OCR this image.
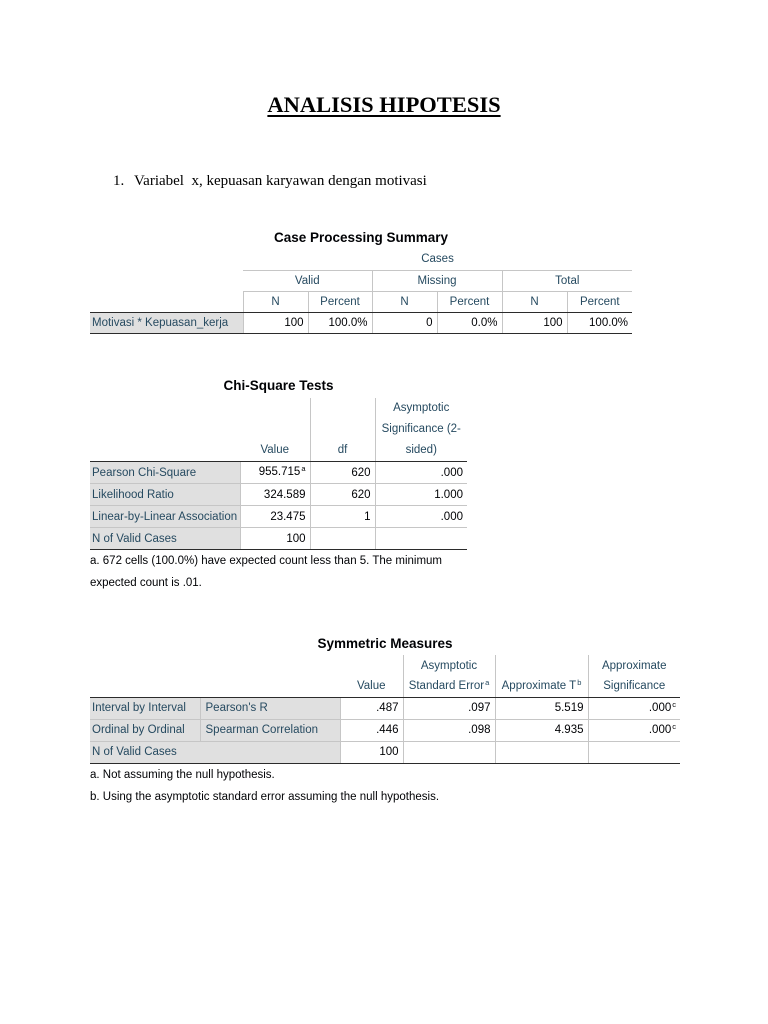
ANALISIS HIPOTESIS

1.

Variabel  x, kepuasan karyawan dengan motivasi

Case Processing Summary
	Cases					
	Valid		Missing		Total	
	N	Percent	N	Percent	N	Percent
Motivasi * Kepuasan_kerja	100	100.0%	0	0.0%	100	100.0%
Chi-Square Tests

	Value	df	Asymptotic
Significance (2-
sided)

Pearson Chi-Square	955.715$^a$	620	.000
Likelihood Ratio	324.589	620	1.000
Linear-by-Linear Association	23.475	1	.000
N of Valid Cases	100		
a. 672 cells (100.0%) have expected count less than 5. The minimum expected count is .01.
Symmetric Measures
			Asymptotic		Approximate
		Value	Standard Error$^a$	Approximate T$^b$	Significance
Interval by Interval	Pearson's R	.487	.097	5.519	.000$^c$
Ordinal by Ordinal	Spearman Correlation	.446	.098	4.935	.000$^c$
N of Valid Cases		100			
a. Not assuming the null hypothesis.
b. Using the asymptotic standard error assuming the null hypothesis.
